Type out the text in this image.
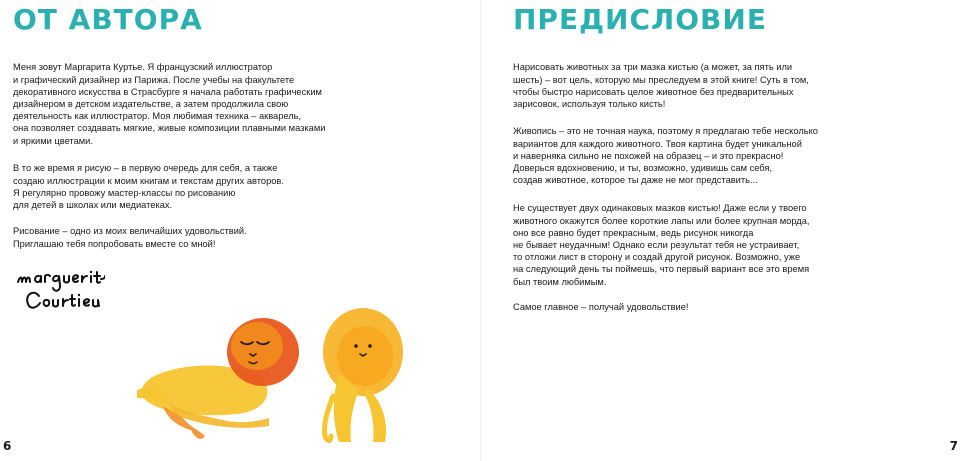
ОТ АВТОРА

Меня зовут Маргарита Куртье. Я французский иллюстратор
и графический дизайнер из Парижа. После учебы на факультете
декоративного искусства в Страсбурге я начала работать графическим
дизайнером в детском издательстве, а затем продолжила свою
деятельность как иллюстратор. Моя любимая техника – акварель,
она позволяет создавать мягкие, живые композиции плавными мазками
и яркими цветами.

В то же время я рисую – в первую очередь для себя, а также
создаю иллюстрации к моим книгам и текстам других авторов.
Я регулярно провожу мастер-классы по рисованию
для детей в школах или медиатеках.

Рисование – одно из моих величайших удовольствий.
Приглашаю тебя попробовать вместе со мной!

6
ПРЕДИСЛОВИЕ

Нарисовать животных за три мазка кистью (а может, за пять или
шесть) – вот цель, которую мы преследуем в этой книге! Суть в том,
чтобы быстро нарисовать целое животное без предварительных
зарисовок, используя только кисть!

Живопись – это не точная наука, поэтому я предлагаю тебе несколько
вариантов для каждого животного. Твоя картина будет уникальной
и наверняка сильно не похожей на образец – и это прекрасно!
Доверься вдохновению, и ты, возможно, удивишь сам себя,
создав животное, которое ты даже не мог представить...

Не существует двух одинаковых мазков кистью! Даже если у твоего
животного окажутся более короткие лапы или более крупная морда,
оно все равно будет прекрасным, ведь рисунок никогда
не бывает неудачным! Однако если результат тебя не устраивает,
то отложи лист в сторону и создай другой рисунок. Возможно, уже
на следующий день ты поймешь, что первый вариант все это время
был твоим любимым.

Самое главное – получай удовольствие!

7
